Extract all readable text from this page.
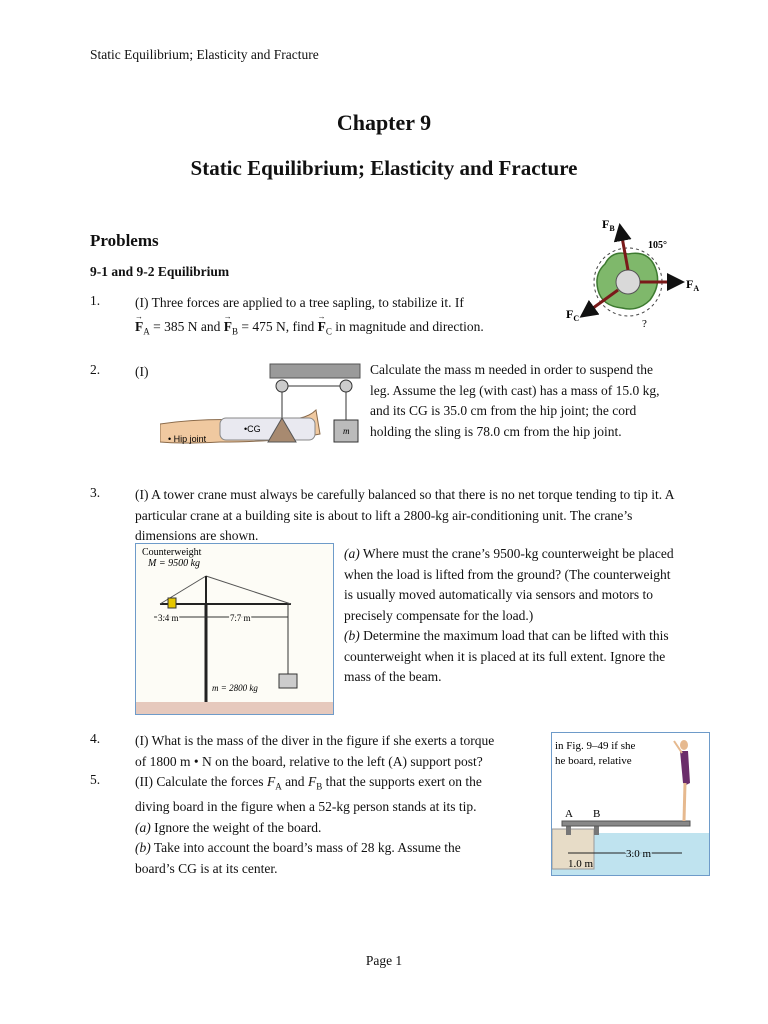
Static Equilibrium; Elasticity and Fracture
Chapter 9
Static Equilibrium; Elasticity and Fracture
Problems
9-1 and 9-2 Equilibrium
1.	(I) Three forces are applied to a tree sapling, to stabilize it. If
→ $F_A = 385$ N and → $F_B = 475$ N, find → $F_C$ in magnitude and direction.
$F_B$
$F_A$
$F_C$
105°
?
2.	(I)	Calculate the mass m needed in order to suspend the leg. Assume the leg (with cast) has a mass of 15.0 kg, and its CG is 35.0 cm from the hip joint; the cord holding the sling is 78.0 cm from the hip joint.
m
•CG
• Hip joint
3.	(I) A tower crane must always be carefully balanced so that there is no net torque tending to tip it. A particular crane at a building site is about to lift a 2800-kg air-conditioning unit. The crane’s dimensions are shown.
Counterweight
M = 9500 kg
3.4 m	7.7 m
m = 2800 kg
(a) Where must the crane’s 9500-kg counterweight be placed when the load is lifted from the ground? (The counterweight is usually moved automatically via sensors and motors to precisely compensate for the load.)
(b) Determine the maximum load that can be lifted with this counterweight when it is placed at its full extent. Ignore the mass of the beam.
4.	(I) What is the mass of the diver in the figure if she exerts a torque
of 1800 m • N on the board, relative to the left (A) support post?
5.	(II) Calculate the forces $F_A$ and $F_B$ that the supports exert on the
diving board in the figure when a 52-kg person stands at its tip.
(a) Ignore the weight of the board.
(b) Take into account the board’s mass of 28 kg. Assume the
board’s CG is at its center.
in Fig. 9–49 if she
he board, relative
A B
1.0 m
3.0 m
Page 1
